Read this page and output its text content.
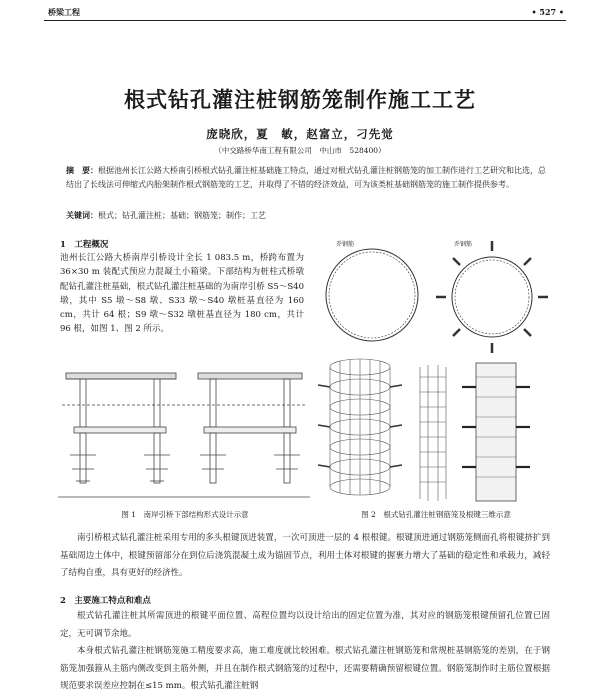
桥梁工程	• 527 •
根式钻孔灌注桩钢筋笼制作施工工艺
庞晓欣，夏　敏，赵富立，刁先觉
（中交路桥华南工程有限公司　中山市　528400）
摘　要：根据池州长江公路大桥南引桥根式钻孔灌注桩基础施工特点，通过对根式钻孔灌注桩钢筋笼的加工制作进行工艺研究和比选，总结出了长线法可伸缩式内胎架制作根式钢筋笼的工艺，并取得了不错的经济效益，可为该类桩基础钢筋笼的施工制作提供参考。
关键词：根式；钻孔灌注桩；基础；钢筋笼；制作；工艺
1　工程概况
池州长江公路大桥南岸引桥设计全长 1 083.5 m，桥跨布置为 36×30 m 装配式预应力混凝土小箱梁。下部结构为桩柱式桥墩配钻孔灌注桩基础，根式钻孔灌注桩基础的为南岸引桥 S5～S40 墩，其中 S5 墩～S8 墩、S33 墩～S40 墩桩基直径为 160 cm，共计 64 根；S9 墩～S32 墩桩基直径为 180 cm，共计 96 根，如图 1、图 2 所示。
图 1　南岸引桥下部结构形式设计示意
乔钢筋	乔钢筋
图 2　根式钻孔灌注桩钢筋笼及根键三维示意
南引桥根式钻孔灌注桩采用专用的多头根键顶进装置，一次可顶进一层的 4 根根键。根键顶进通过钢筋笼侧面孔将根键挤扩到基础周边土体中，根键预留部分在到位后浇筑混凝土成为锚固节点，利用土体对根键的握裹力增大了基础的稳定性和承载力，减轻了结构自重，具有更好的经济性。
2　主要施工特点和难点
根式钻孔灌注桩其所需顶进的根键平面位置、高程位置均以设计给出的固定位置为准，其对应的钢筋笼根键预留孔位置已固定，无可调节余地。
本身根式钻孔灌注桩钢筋笼施工精度要求高，施工难度就比较困难。根式钻孔灌注桩钢筋笼和常规桩基钢筋笼的差别，在于钢筋笼加强箍从主筋内侧改变到主筋外侧，并且在制作根式钢筋笼的过程中，还需要精确预留根键位置。钢筋笼制作时主筋位置根据规范要求误差应控制在≤15 mm。根式钻孔灌注桩钢
